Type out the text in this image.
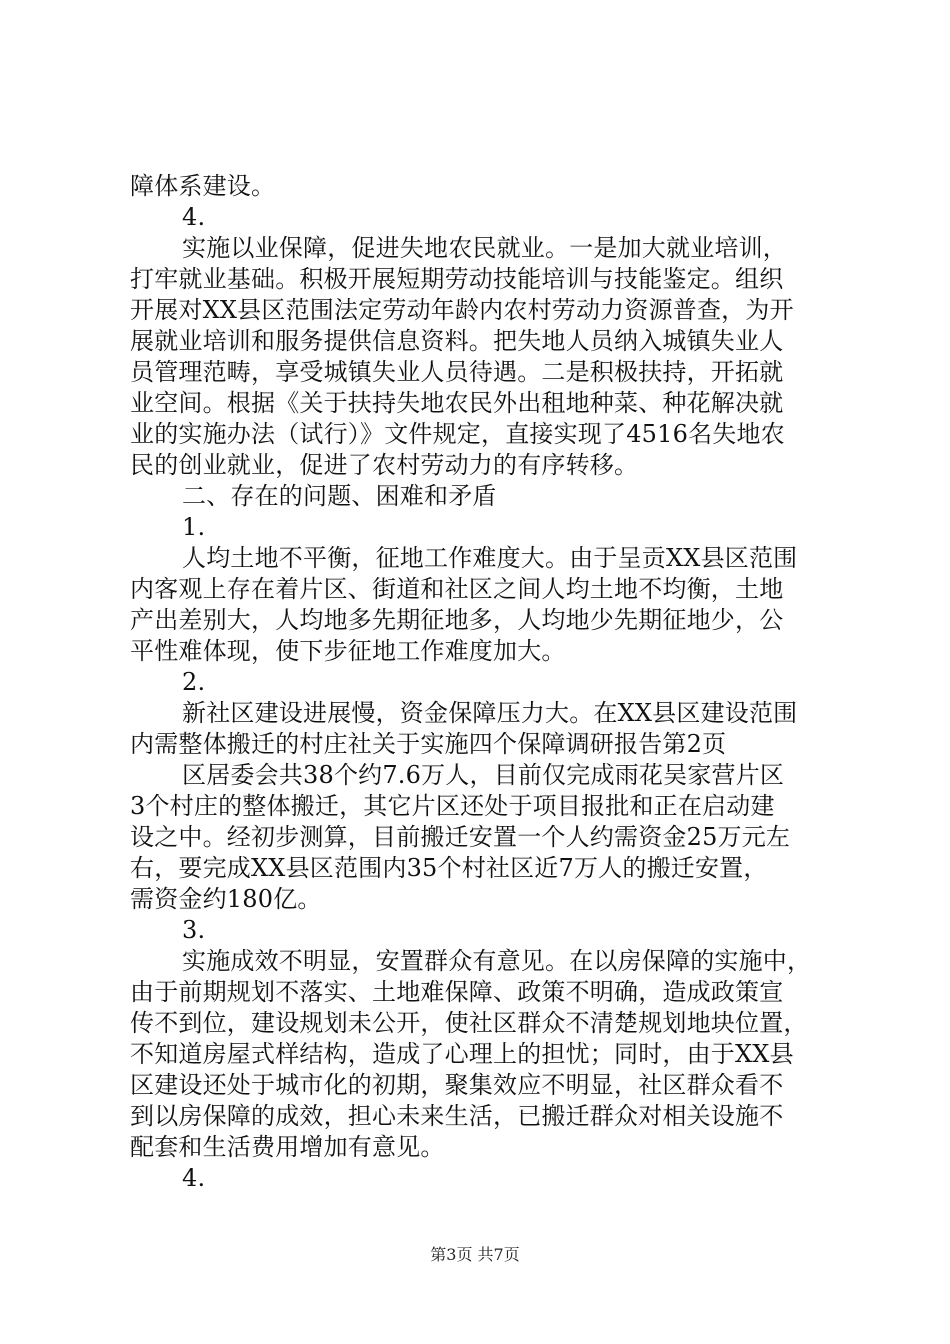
障体系建设。
4.
实施以业保障，促进失地农民就业。一是加大就业培训，
打牢就业基础。积极开展短期劳动技能培训与技能鉴定。组织
开展对XX县区范围法定劳动年龄内农村劳动力资源普查，为开
展就业培训和服务提供信息资料。把失地人员纳入城镇失业人
员管理范畴，享受城镇失业人员待遇。二是积极扶持，开拓就
业空间。根据《关于扶持失地农民外出租地种菜、种花解决就
业的实施办法（试行）》文件规定，直接实现了4516名失地农
民的创业就业，促进了农村劳动力的有序转移。
二、存在的问题、困难和矛盾
1.
人均土地不平衡，征地工作难度大。由于呈贡XX县区范围
内客观上存在着片区、街道和社区之间人均土地不均衡，土地
产出差别大，人均地多先期征地多，人均地少先期征地少，公
平性难体现，使下步征地工作难度加大。
2.
新社区建设进展慢，资金保障压力大。在XX县区建设范围
内需整体搬迁的村庄社关于实施四个保障调研报告第2页
区居委会共38个约7.6万人，目前仅完成雨花吴家营片区
3个村庄的整体搬迁，其它片区还处于项目报批和正在启动建
设之中。经初步测算，目前搬迁安置一个人约需资金25万元左
右，要完成XX县区范围内35个村社区近7万人的搬迁安置，
需资金约180亿。
3.
实施成效不明显，安置群众有意见。在以房保障的实施中，
由于前期规划不落实、土地难保障、政策不明确，造成政策宣
传不到位，建设规划未公开，使社区群众不清楚规划地块位置，
不知道房屋式样结构，造成了心理上的担忧；同时，由于XX县
区建设还处于城市化的初期，聚集效应不明显，社区群众看不
到以房保障的成效，担心未来生活，已搬迁群众对相关设施不
配套和生活费用增加有意见。
4.
第3页 共7页
